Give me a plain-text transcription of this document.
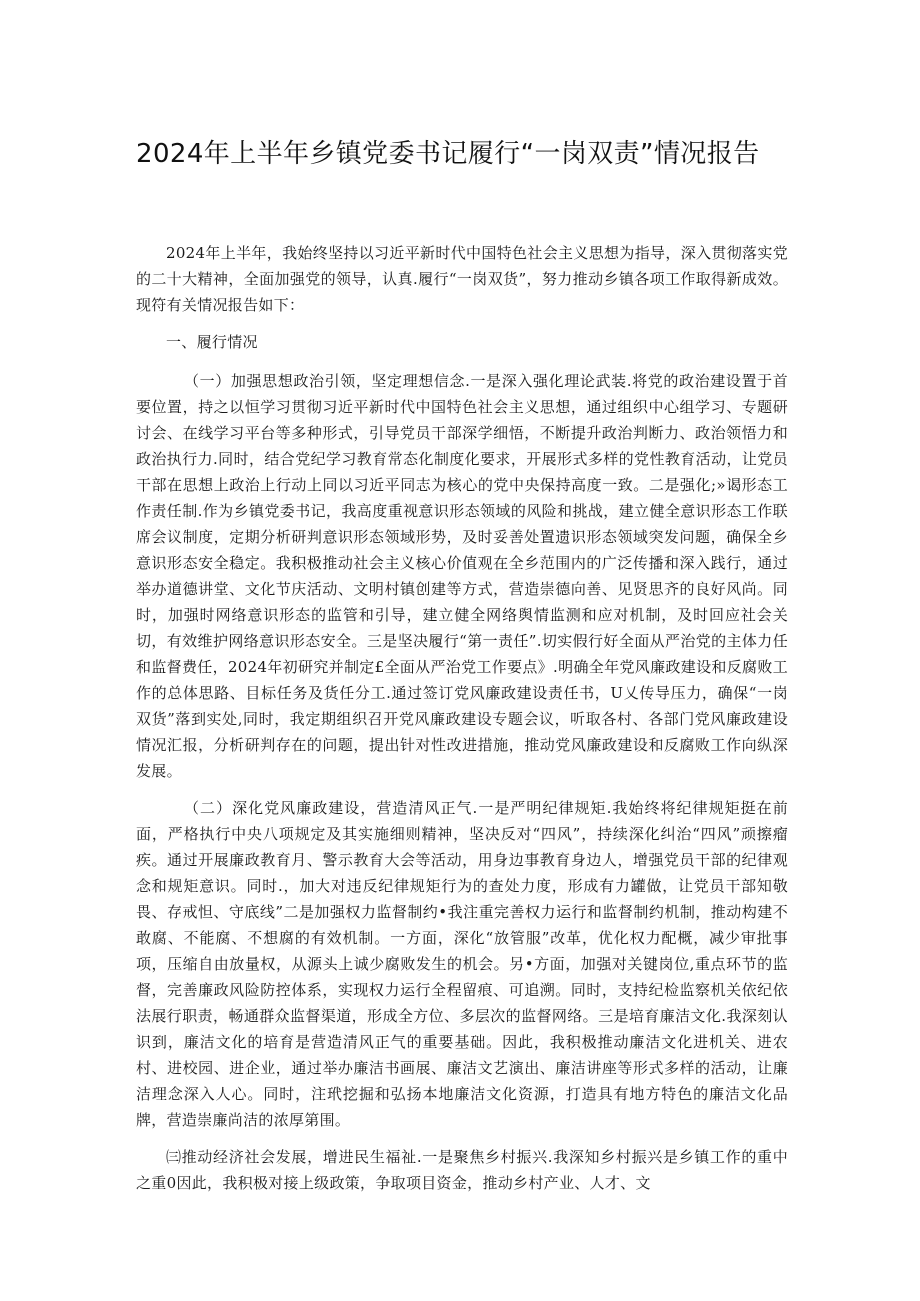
2024年上半年乡镇党委书记履行“一岗双责”情况报告

2024年上半年，我始终坚持以习近平新时代中国特色社会主义思想为指导，深入贯彻落实党的二十大精神，全面加强党的领导，认真.履行“一岗双货”，努力推动乡镇各项工作取得新成效。现符有关情况报告如下：

一、履行情况

（一）加强思想政治引领，坚定理想信念.一是深入强化理论武装.将党的政治建设置于首要位置，持之以恒学习贯彻习近平新时代中国特色社会主义思想，通过组织中心组学习、专题研讨会、在线学习平台等多种形式，引导党员干部深学细悟，不断提升政治判断力、政治领悟力和政治执行力.同时，结合党纪学习教育常态化制度化要求，开展形式多样的党性教育活动，让党员干部在思想上政治上行动上同以习近平同志为核心的党中央保持高度一致。二是强化;»谒形态工作责任制.作为乡镇党委书记，我高度重视意识形态领域的风险和挑战，建立健全意识形态工作联席会议制度，定期分析研判意识形态领域形势，及时妥善处置遗识形态领域突发问题，确保全乡意识形态安全稳定。我积极推动社会主义核心价值观在全乡范围内的广泛传播和深入践行，通过举办道德讲堂、文化节庆活动、文明村镇创建等方式，营造崇德向善、见贤思齐的良好风尚。同时，加强时网络意识形态的监管和引导，建立健全网络舆情监测和应对机制，及时回应社会关切，有效维护网络意识形态安全。三是坚决履行“第一责任”.切实假行好全面从严治党的主体力任和监督费任，2024年初研究并制定£全面从严治党工作要点》.明确全年党风廉政建设和反腐败工作的总体思路、目标任务及货任分工.通过签订党风廉政建设责任书，U乂传导压力，确保“一岗双货”落到实处,同时，我定期组织召开党风廉政建设专题会议，听取各村、各部门党风廉政建设情况汇报，分析研判存在的问题，提出针对性改进措施，推动党风廉政建设和反腐败工作向纵深发展。

（二）深化党风廉政建设，营造清风正气.一是严明纪律规矩.我始终将纪律规矩挺在前面，严格执行中央八项规定及其实施细则精神，坚决反对“四风”，持续深化纠治“四风”顽擦瘤疾。通过开展廉政教育月、警示教育大会等活动，用身边事教育身边人，增强党员干部的纪律观念和规矩意识。同时.，加大对违反纪律规矩行为的查处力度，形成有力罐做，让党员干部知敬畏、存戒怛、守底线”二是加强权力监督制约•我注重完善权力运行和监督制约机制，推动构建不敢腐、不能腐、不想腐的有效机制。一方面，深化“放管服”改革，优化权力配概，减少审批事项，压缩自由放量权，从源头上诚少腐败发生的机会。另•方面，加强对关键岗位,重点环节的监督，完善廉政风险防控体系，实现权力运行全程留痕、可追溯。同时，支持纪检监察机关依纪依法展行职责，畅通群众监督渠道，形成全方位、多层次的监督网络。三是培育廉洁文化.我深刻认识到，廉洁文化的培育是营造清风正气的重要基础。因此，我积极推动廉洁文化进机关、进农村、进校园、进企业，通过举办廉洁书画展、廉洁文艺演出、廉洁讲座等形式多样的活动，让廉洁理念深入人心。同时，注玳挖掘和弘扬本地廉洁文化资源，打造具有地方特色的廉洁文化品牌，营造崇廉尚洁的浓厚第围。

㈢推动经济社会发展，增进民生福祉.一是聚焦乡村振兴.我深知乡村振兴是乡镇工作的重中之重0因此，我积极对接上级政策，争取项目资金，推动乡村产业、人才、文
